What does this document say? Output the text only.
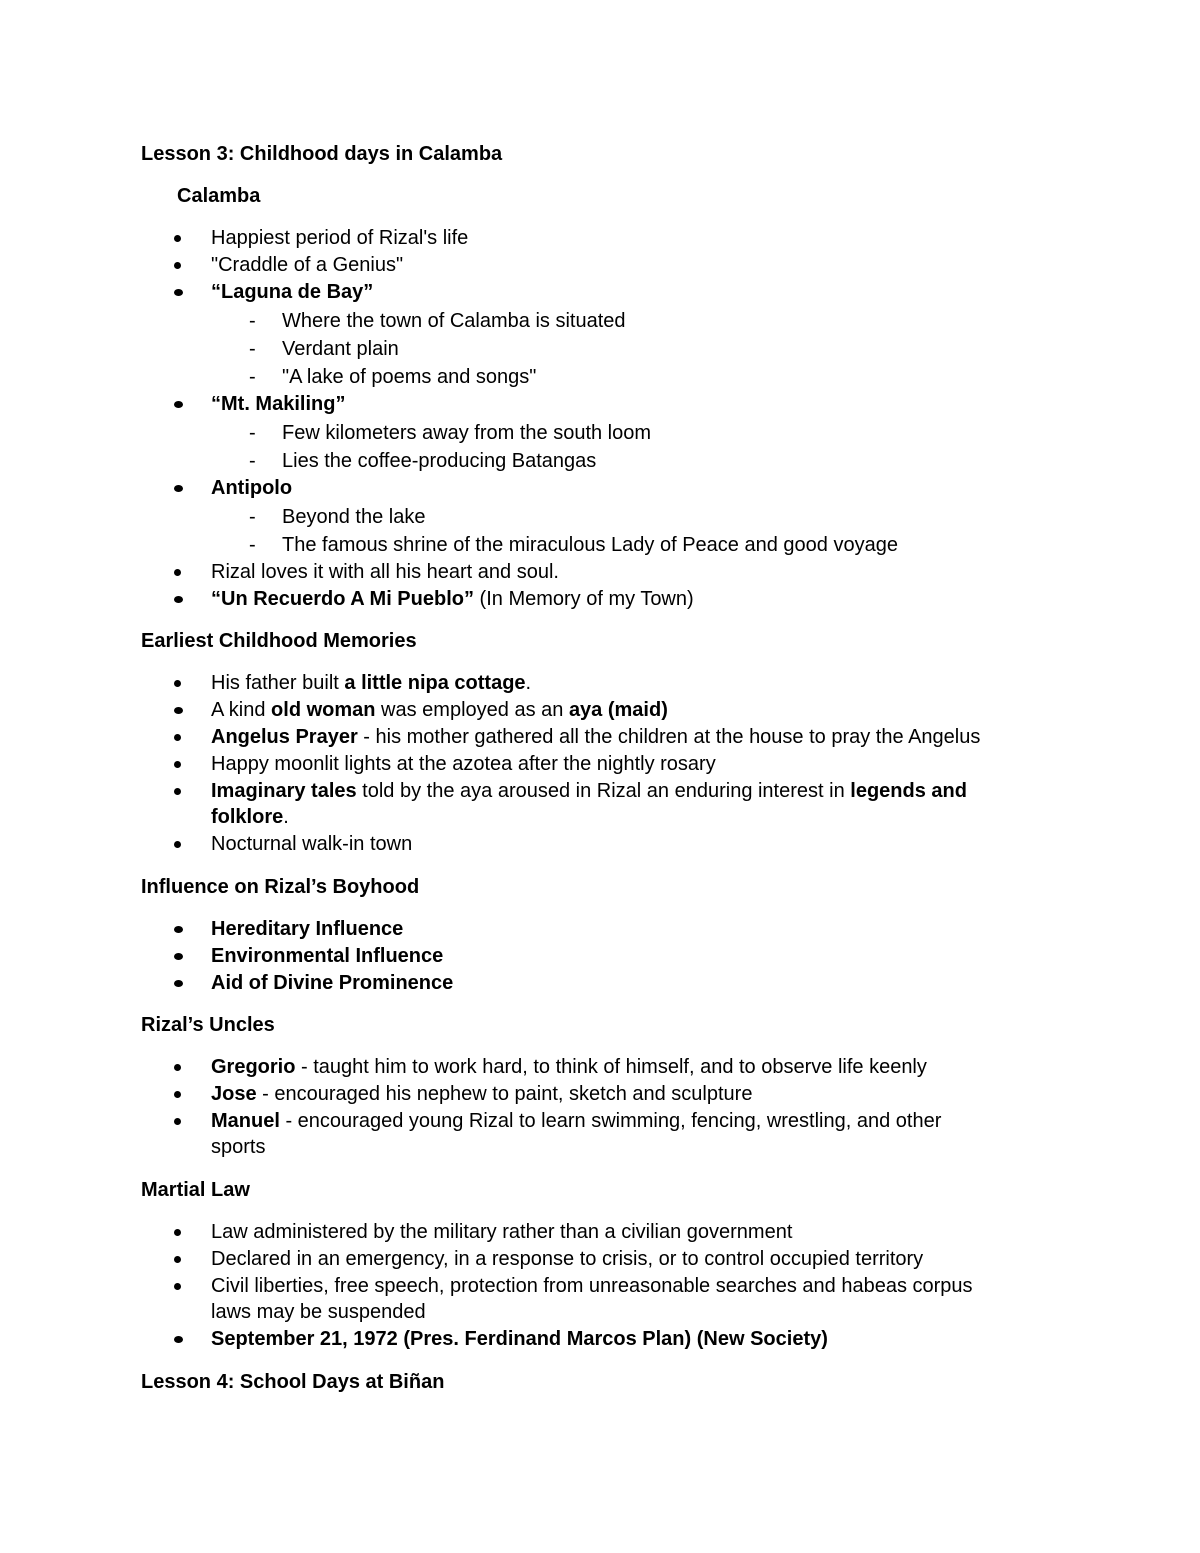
Lesson 3: Childhood days in Calamba
Calamba
Happiest period of Rizal's life
"Craddle of a Genius"
“Laguna de Bay”
- Where the town of Calamba is situated
- Verdant plain
- "A lake of poems and songs"
“Mt. Makiling”
- Few kilometers away from the south loom
- Lies the coffee-producing Batangas
Antipolo
- Beyond the lake
- The famous shrine of the miraculous Lady of Peace and good voyage
Rizal loves it with all his heart and soul.
“Un Recuerdo A Mi Pueblo” (In Memory of my Town)
Earliest Childhood Memories
His father built a little nipa cottage.
A kind old woman was employed as an aya (maid)
Angelus Prayer - his mother gathered all the children at the house to pray the Angelus
Happy moonlit lights at the azotea after the nightly rosary
Imaginary tales told by the aya aroused in Rizal an enduring interest in legends and
folklore.
Nocturnal walk-in town
Influence on Rizal’s Boyhood
Hereditary Influence
Environmental Influence
Aid of Divine Prominence
Rizal’s Uncles
Gregorio - taught him to work hard, to think of himself, and to observe life keenly
Jose - encouraged his nephew to paint, sketch and sculpture
Manuel - encouraged young Rizal to learn swimming, fencing, wrestling, and other
sports
Martial Law
Law administered by the military rather than a civilian government
Declared in an emergency, in a response to crisis, or to control occupied territory
Civil liberties, free speech, protection from unreasonable searches and habeas corpus
laws may be suspended
September 21, 1972 (Pres. Ferdinand Marcos Plan) (New Society)
Lesson 4: School Days at Biñan
